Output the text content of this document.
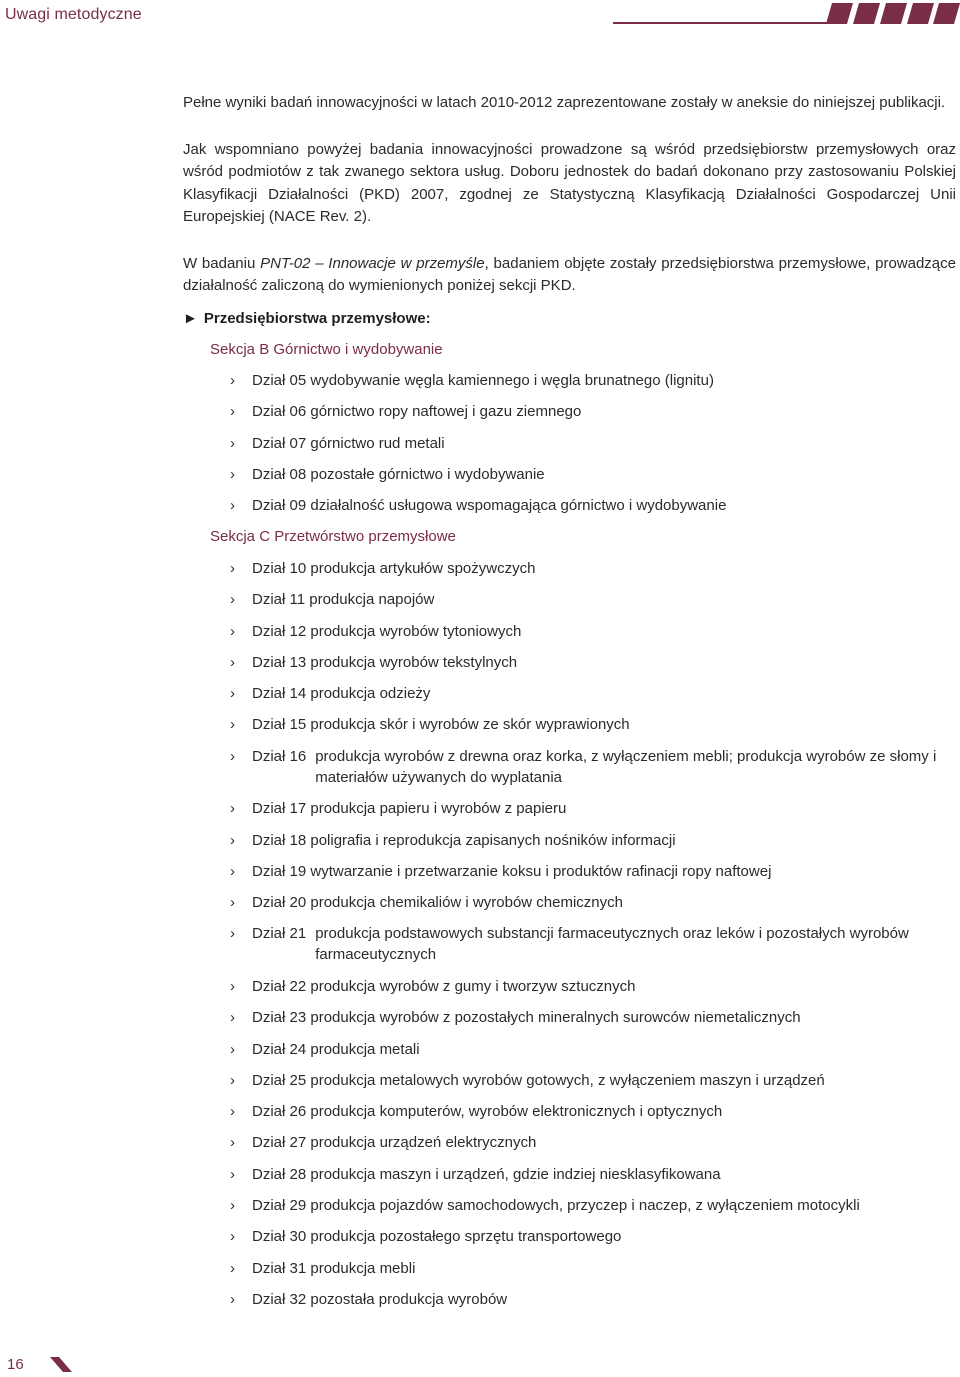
Uwagi metodyczne

Pełne wyniki badań innowacyjności w latach 2010-2012 zaprezentowane zostały w aneksie do niniejszej publikacji.

Jak wspomniano powyżej badania innowacyjności prowadzone są wśród przedsiębiorstw przemysłowych oraz wśród podmiotów z tak zwanego sektora usług. Doboru jednostek do badań dokonano przy zastosowaniu Polskiej Klasyfikacji Działalności (PKD) 2007, zgodnej ze Statystyczną Klasyfikacją Działalności Gospodarczej Unii Europejskiej (NACE Rev. 2).

W badaniu PNT-02 – Innowacje w przemyśle, badaniem objęte zostały przedsiębiorstwa przemysłowe, prowadzące działalność zaliczoną do wymienionych poniżej sekcji PKD.

► Przedsiębiorstwa przemysłowe:
Sekcja B Górnictwo i wydobywanie
›	Dział 05 wydobywanie węgla kamiennego i węgla brunatnego (lignitu)
›	Dział 06 górnictwo ropy naftowej i gazu ziemnego
›	Dział 07 górnictwo rud metali
›	Dział 08 pozostałe górnictwo i wydobywanie
›	Dział 09 działalność usługowa wspomagająca górnictwo i wydobywanie
Sekcja C Przetwórstwo przemysłowe
›	Dział 10 produkcja artykułów spożywczych
›	Dział 11 produkcja napojów
›	Dział 12 produkcja wyrobów tytoniowych
›	Dział 13 produkcja wyrobów tekstylnych
›	Dział 14 produkcja odzieży
›	Dział 15 produkcja skór i wyrobów ze skór wyprawionych
›	Dział 16 produkcja wyrobów z drewna oraz korka, z wyłączeniem mebli; produkcja wyrobów ze słomy i materiałów używanych do wyplatania
›	Dział 17 produkcja papieru i wyrobów z papieru
›	Dział 18 poligrafia i reprodukcja zapisanych nośników informacji
›	Dział 19 wytwarzanie i przetwarzanie koksu i produktów rafinacji ropy naftowej
›	Dział 20 produkcja chemikaliów i wyrobów chemicznych
›	Dział 21 produkcja podstawowych substancji farmaceutycznych oraz leków i pozostałych wyrobów farmaceutycznych
›	Dział 22 produkcja wyrobów z gumy i tworzyw sztucznych
›	Dział 23 produkcja wyrobów z pozostałych mineralnych surowców niemetalicznych
›	Dział 24 produkcja metali
›	Dział 25 produkcja metalowych wyrobów gotowych, z wyłączeniem maszyn i urządzeń
›	Dział 26 produkcja komputerów, wyrobów elektronicznych i optycznych
›	Dział 27 produkcja urządzeń elektrycznych
›	Dział 28 produkcja maszyn i urządzeń, gdzie indziej niesklasyfikowana
›	Dział 29 produkcja pojazdów samochodowych, przyczep i naczep, z wyłączeniem motocykli
›	Dział 30 produkcja pozostałego sprzętu transportowego
›	Dział 31 produkcja mebli
›	Dział 32 pozostała produkcja wyrobów
16
